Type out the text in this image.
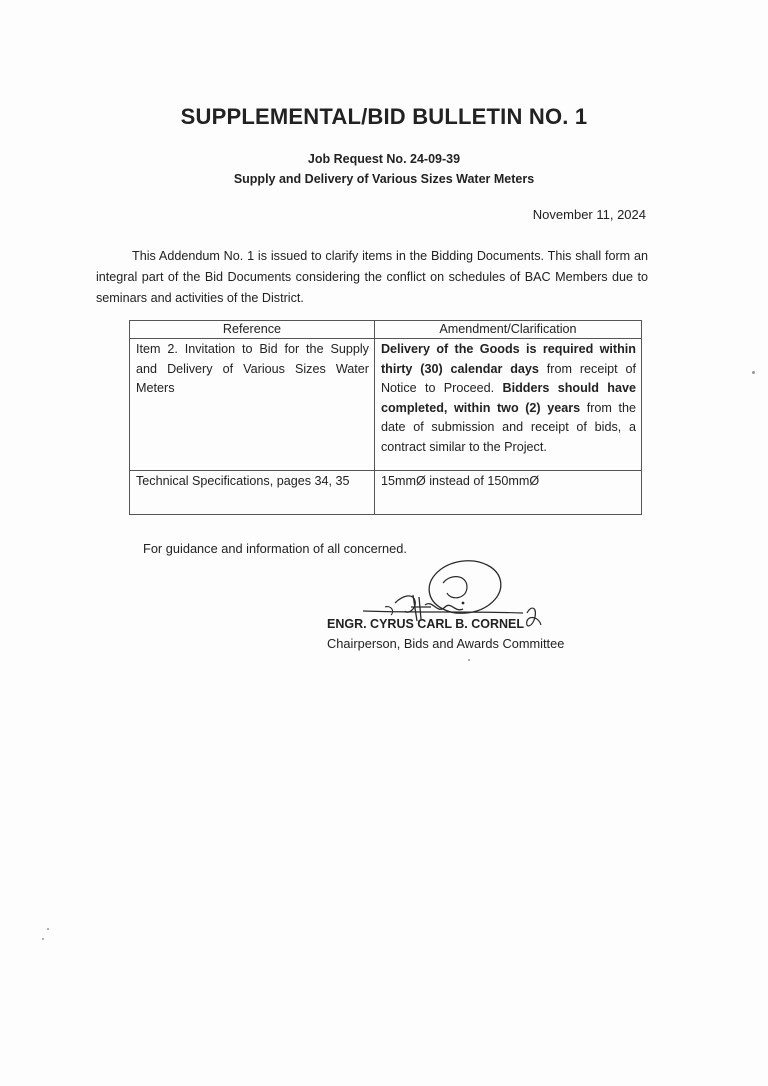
SUPPLEMENTAL/BID BULLETIN NO. 1
Job Request No. 24-09-39
Supply and Delivery of Various Sizes Water Meters
November 11, 2024
This Addendum No. 1 is issued to clarify items in the Bidding Documents. This shall form an integral part of the Bid Documents considering the conflict on schedules of BAC Members due to seminars and activities of the District.
Reference	Amendment/Clarification
Item 2. Invitation to Bid for the Supply and Delivery of Various Sizes Water Meters	Delivery of the Goods is required within thirty (30) calendar days from receipt of Notice to Proceed. Bidders should have completed, within two (2) years from the date of submission and receipt of bids, a contract similar to the Project.
Technical Specifications, pages 34, 35	15mmØ instead of 150mmØ
For guidance and information of all concerned.
ENGR. CYRUS CARL B. CORNEL
Chairperson, Bids and Awards Committee
